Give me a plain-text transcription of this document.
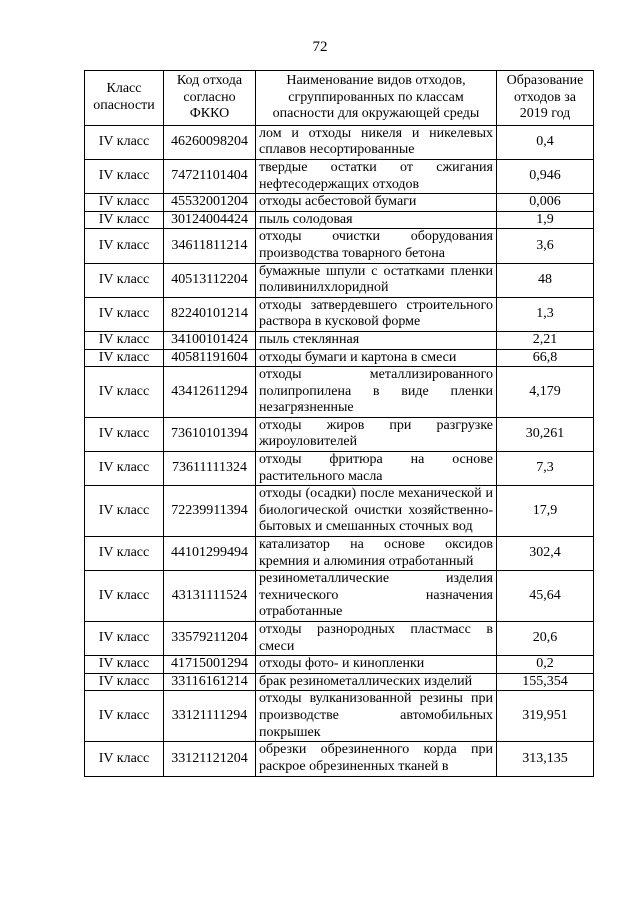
72
Класс опасности	Код отхода согласно ФККО	Наименование видов отходов, сгруппированных по классам опасности для окружающей среды	Образование отходов за 2019 год
IV класс	46260098204	лом и отходы никеля и никелевых сплавов несортированные	0,4
IV класс	74721101404	твердые остатки от сжигания нефтесодержащих отходов	0,946
IV класс	45532001204	отходы асбестовой бумаги	0,006
IV класс	30124004424	пыль солодовая	1,9
IV класс	34611811214	отходы очистки оборудования производства товарного бетона	3,6
IV класс	40513112204	бумажные шпули с остатками пленки поливинилхлоридной	48
IV класс	82240101214	отходы затвердевшего строительного раствора в кусковой форме	1,3
IV класс	34100101424	пыль стеклянная	2,21
IV класс	40581191604	отходы бумаги и картона в смеси	66,8
IV класс	43412611294	отходы металлизированного полипропилена в виде пленки незагрязненные	4,179
IV класс	73610101394	отходы жиров при разгрузке жироуловителей	30,261
IV класс	73611111324	отходы фритюра на основе растительного масла	7,3
IV класс	72239911394	отходы (осадки) после механической и биологической очистки хозяйственно-бытовых и смешанных сточных вод	17,9
IV класс	44101299494	катализатор на основе оксидов кремния и алюминия отработанный	302,4
IV класс	43131111524	резинометаллические изделия технического назначения отработанные	45,64
IV класс	33579211204	отходы разнородных пластмасс в смеси	20,6
IV класс	41715001294	отходы фото- и кинопленки	0,2
IV класс	33116161214	брак резинометаллических изделий	155,354
IV класс	33121111294	отходы вулканизованной резины при производстве автомобильных покрышек	319,951
IV класс	33121121204	обрезки обрезиненного корда при раскрое обрезиненных тканей в	313,135
